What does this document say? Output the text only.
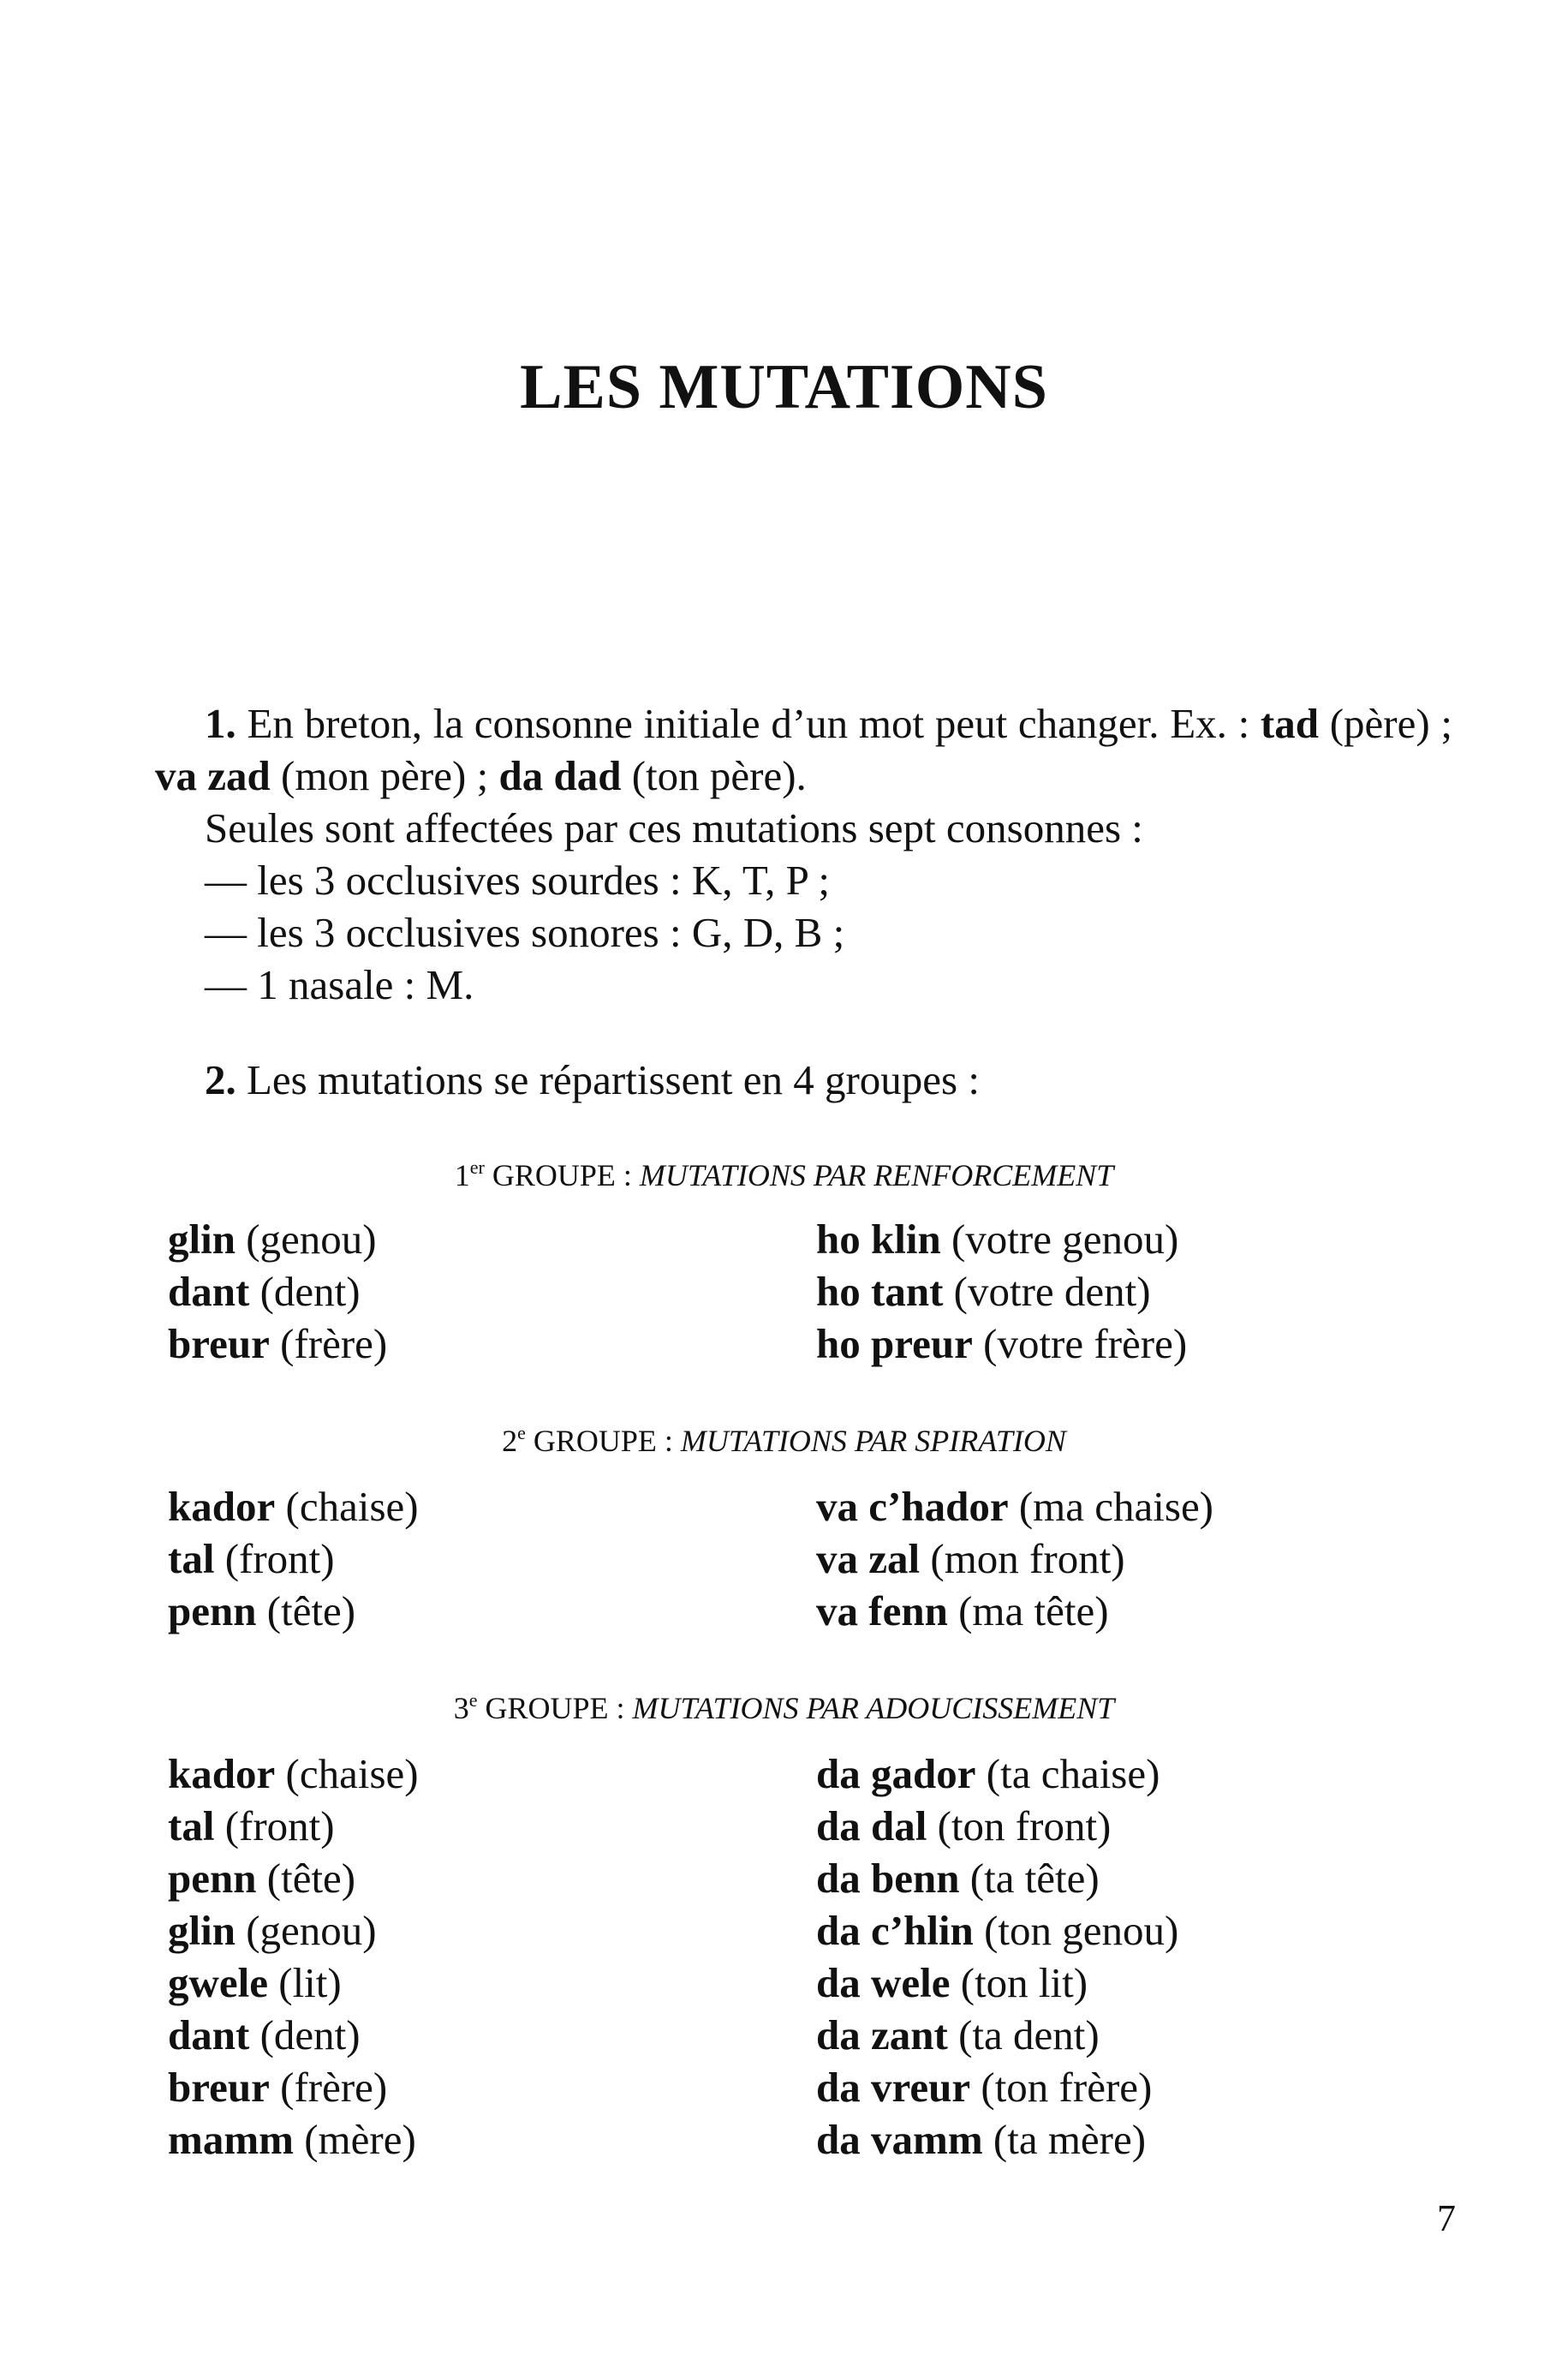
LES MUTATIONS

1. En breton, la consonne initiale d’un mot peut changer. Ex. : tad (père) ; va zad (mon père) ; da dad (ton père).

Seules sont affectées par ces mutations sept consonnes :

— les 3 occlusives sourdes : K, T, P ;

— les 3 occlusives sonores : G, D, B ;

— 1 nasale : M.

2. Les mutations se répartissent en 4 groupes :

1er GROUPE : MUTATIONS PAR RENFORCEMENT
glin (genou)	ho klin (votre genou)
dant (dent)	ho tant (votre dent)
breur (frère)	ho preur (votre frère)
2e GROUPE : MUTATIONS PAR SPIRATION
kador (chaise)	va c’hador (ma chaise)
tal (front)	va zal (mon front)
penn (tête)	va fenn (ma tête)
3e GROUPE : MUTATIONS PAR ADOUCISSEMENT
kador (chaise)	da gador (ta chaise)
tal (front)	da dal (ton front)
penn (tête)	da benn (ta tête)
glin (genou)	da c’hlin (ton genou)
gwele (lit)	da wele (ton lit)
dant (dent)	da zant (ta dent)
breur (frère)	da vreur (ton frère)
mamm (mère)	da vamm (ta mère)
7
